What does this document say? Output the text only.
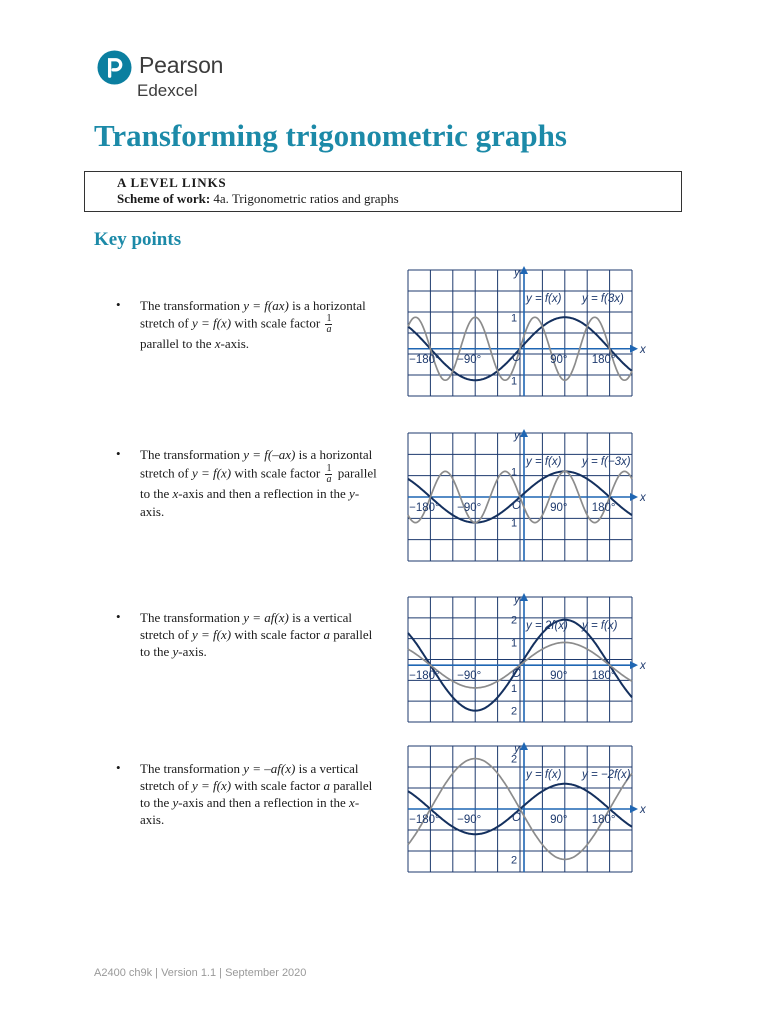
Pearson
Edexcel
Transforming trigonometric graphs
A LEVEL LINKS
Scheme of work: 4a. Trigonometric ratios and graphs
Key points
•	The transformation y = f(ax) is a horizontal stretch of y = f(x) with scale factor $\frac{1}{a}$

parallel to the x-axis.
•	The transformation y = f(–ax) is a horizontal stretch of y = f(x) with scale factor $\frac{1}{a}$ parallel to the x-axis and then a reflection in the y-axis.
•	The transformation y = af(x) is a vertical stretch of y = f(x) with scale factor a parallel to the y-axis.
•	The transformation y = –af(x) is a vertical stretch of y = f(x) with scale factor a parallel to the y-axis and then a reflection in the x-axis.
−180° −90°	90° 180°
1
1
O
y
x
y = f(x) y = f(3x)
−180° −90°	90° 180°
1
1
O
y
x
y = f(x) y = f(−3x)
−180° −90°	90° 180°
2
1
1
2
O
y
x
y = 2f(x) y = f(x)
−180° −90°	90° 180°
2
2
O
y
x
y = f(x) y = −2f(x)
A2400 ch9k | Version 1.1 | September 2020
